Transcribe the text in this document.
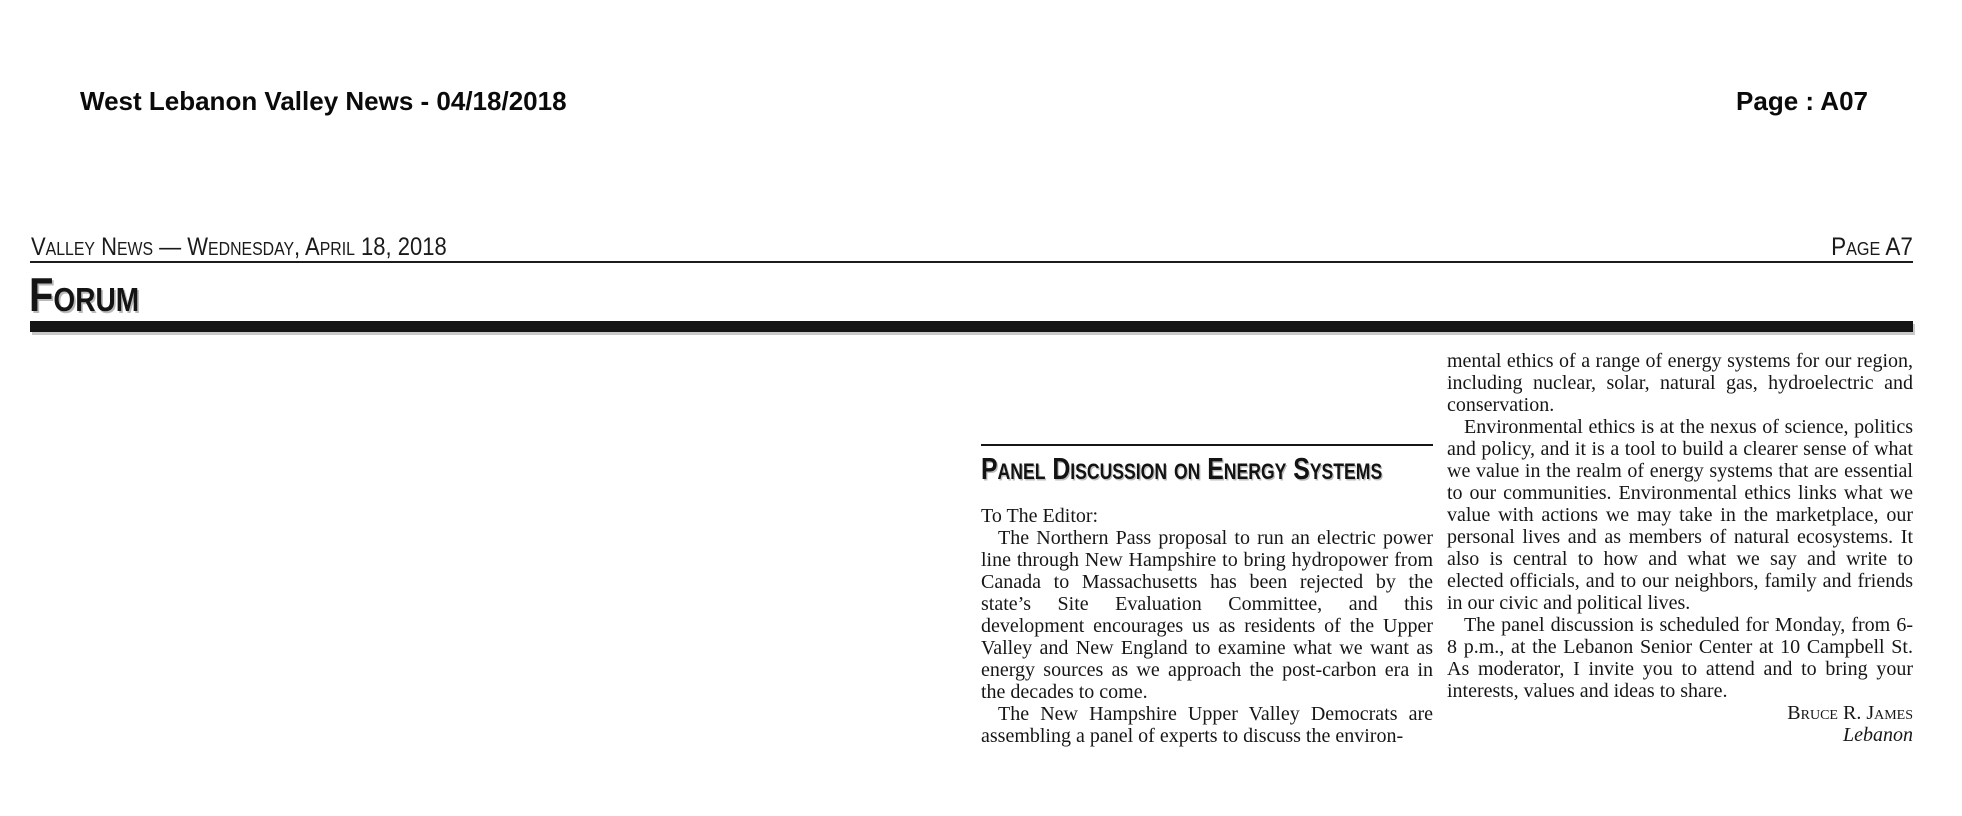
West Lebanon Valley News - 04/18/2018	Page : A07
Valley News — Wednesday, April 18, 2018	Page A7
Forum
Panel Discussion on Energy Systems

To The Editor:

The Northern Pass proposal to run an electric power line through New Hampshire to bring hydropower from Canada to Massachusetts has been rejected by the state’s Site Evaluation Committee, and this development encourages us as residents of the Upper Valley and New England to examine what we want as energy sources as we approach the post-carbon era in the decades to come.

The New Hampshire Upper Valley Democrats are assembling a panel of experts to discuss the environ-

mental ethics of a range of energy systems for our region, including nuclear, solar, natural gas, hydroelectric and conservation.

Environmental ethics is at the nexus of science, politics and policy, and it is a tool to build a clearer sense of what we value in the realm of energy systems that are essential to our communities. Environmental ethics links what we value with actions we may take in the marketplace, our personal lives and as members of natural ecosystems. It also is central to how and what we say and write to elected officials, and to our neighbors, family and friends in our civic and political lives.

The panel discussion is scheduled for Monday, from 6-8 p.m., at the Lebanon Senior Center at 10 Campbell St. As moderator, I invite you to attend and to bring your interests, values and ideas to share.

Bruce R. James
Lebanon
